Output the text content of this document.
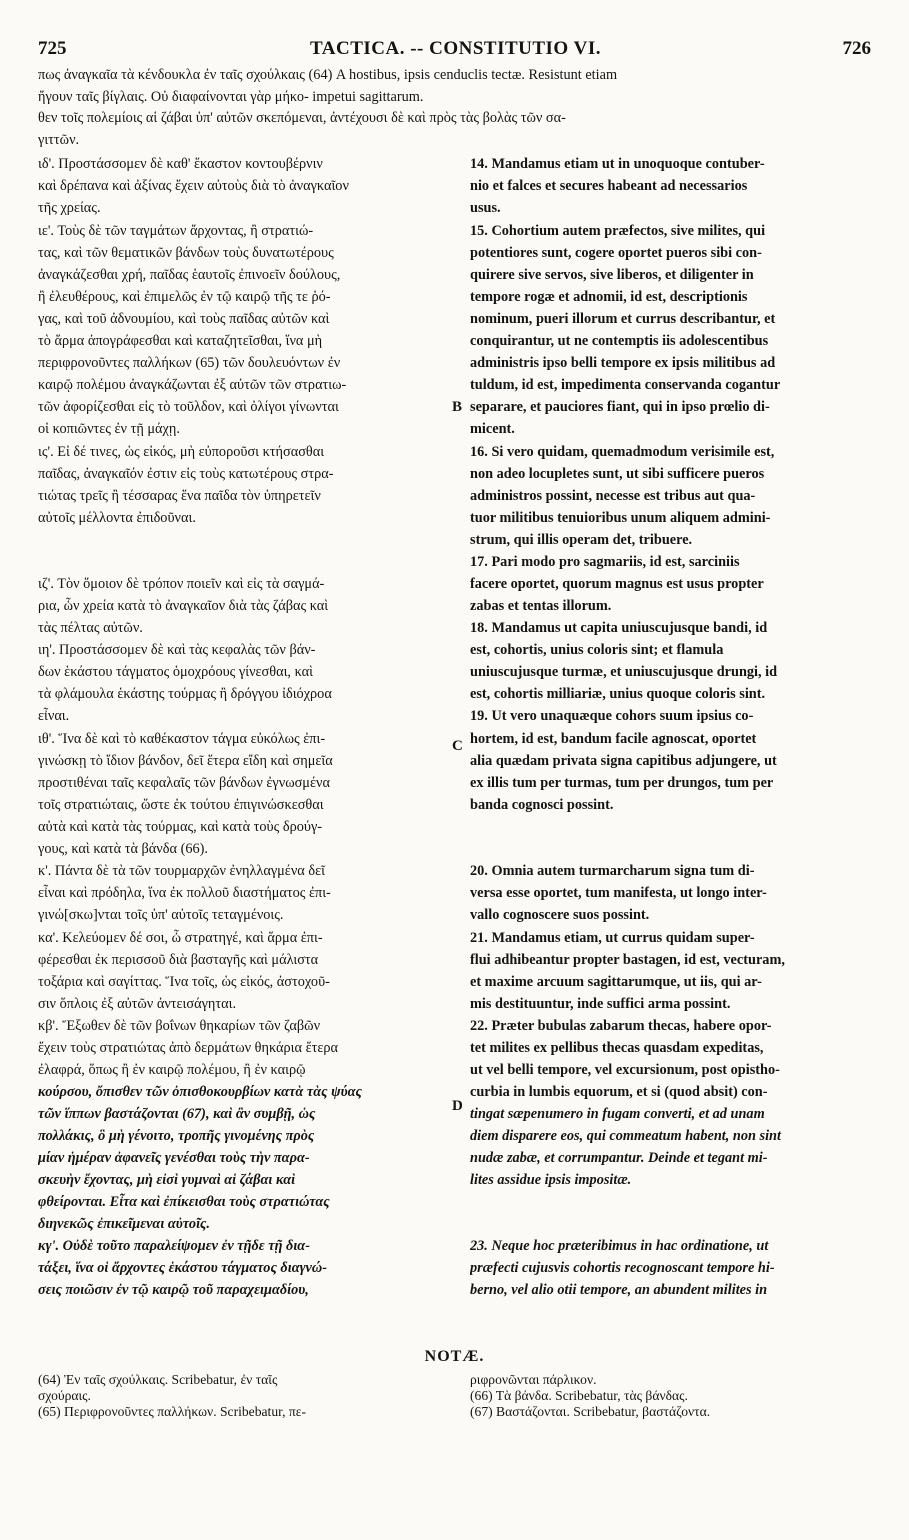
725	TACTICA. -- CONSTITUTIO VI.	726
πως ἀναγκαῖα τὰ κένδουκλα ἐν ταῖς σχούλκαις (64) A hostibus, ipsis cenduclis tectæ. Resistunt etiam
ἤγουν ταῖς βίγλαις. Οὐ διαφαίνονται γὰρ μήκο- impetui sagittarum.
θεν τοῖς πολεμίοις αἱ ζάβαι ὑπ' αὐτῶν σκεπόμεναι, ἀντέχουσι δὲ καὶ πρὸς τὰς βολὰς τῶν σα-
γιττῶν.
ιδ'. Προστάσσομεν δὲ καθ' ἕκαστον κοντουβέρνιν
καὶ δρέπανα καὶ ἀξίνας ἔχειν αὐτοὺς διὰ τὸ ἀναγκαῖον
τῆς χρείας.
ιε'. Τοὺς δὲ τῶν ταγμάτων ἄρχοντας, ἢ στρατιώ-
τας, καὶ τῶν θεματικῶν βάνδων τοὺς δυνατωτέρους
ἀναγκάζεσθαι χρή, παῖδας ἑαυτοῖς ἐπινοεῖν δούλους,
ἢ ἐλευθέρους, καὶ ἐπιμελῶς ἐν τῷ καιρῷ τῆς τε ῥό-
γας, καὶ τοῦ ἀδνουμίου, καὶ τοὺς παῖδας αὐτῶν καὶ
τὸ ἅρμα ἀπογράφεσθαι καὶ καταζητεῖσθαι, ἵνα μὴ
περιφρονοῦντες παλλήκων (65) τῶν δουλευόντων ἐν
καιρῷ πολέμου ἀναγκάζωνται ἐξ αὐτῶν τῶν στρατιω-
τῶν ἀφορίζεσθαι εἰς τὸ τοῦλδον, καὶ ὀλίγοι γίνωνται
οἱ κοπιῶντες ἐν τῇ μάχῃ.
ις'. Εἰ δέ τινες, ὡς εἰκός, μὴ εὐποροῦσι κτήσασθαι
παῖδας, ἀναγκαῖόν ἐστιν εἰς τοὺς κατωτέρους στρα-
τιώτας τρεῖς ἢ τέσσαρας ἕνα παῖδα τὸν ὑπηρετεῖν
αὐτοῖς μέλλοντα ἐπιδοῦναι.
ιζ'. Τὸν ὅμοιον δὲ τρόπον ποιεῖν καὶ εἰς τὰ σαγμά-
ρια, ὧν χρεία κατὰ τὸ ἀναγκαῖον διὰ τὰς ζάβας καὶ
τὰς πέλτας αὐτῶν.
ιη'. Προστάσσομεν δὲ καὶ τὰς κεφαλὰς τῶν βάν-
δων ἑκάστου τάγματος ὁμοχρόους γίνεσθαι, καὶ
τὰ φλάμουλα ἑκάστης τούρμας ἢ δρόγγου ἰδιόχροα
εἶναι.
ιθ'. Ἵνα δὲ καὶ τὸ καθέκαστον τάγμα εὐκόλως ἐπι-
γινώσκῃ τὸ ἴδιον βάνδον, δεῖ ἕτερα εἴδη καὶ σημεῖα
προστιθέναι ταῖς κεφαλαῖς τῶν βάνδων ἐγνωσμένα
τοῖς στρατιώταις, ὥστε ἐκ τούτου ἐπιγινώσκεσθαι
αὐτὰ καὶ κατὰ τὰς τούρμας, καὶ κατὰ τοὺς δρούγ-
γους, καὶ κατὰ τὰ βάνδα (66).
κ'. Πάντα δὲ τὰ τῶν τουρμαρχῶν ἐνηλλαγμένα δεῖ
εἶναι καὶ πρόδηλα, ἵνα ἐκ πολλοῦ διαστήματος ἐπι-
γινώ[σκω]νται τοῖς ὑπ' αὐτοῖς τεταγμένοις.
κα'. Κελεύομεν δέ σοι, ὦ στρατηγέ, καὶ ἅρμα ἐπι-
φέρεσθαι ἐκ περισσοῦ διὰ βασταγῆς καὶ μάλιστα
τοξάρια καὶ σαγίττας. Ἵνα τοῖς, ὡς εἰκός, ἀστοχοῦ-
σιν ὅπλοις ἐξ αὐτῶν ἀντεισάγηται.
κβ'. Ἔξωθεν δὲ τῶν βοΐνων θηκαρίων τῶν ζαβῶν
ἔχειν τοὺς στρατιώτας ἀπὸ δερμάτων θηκάρια ἕτερα
ἐλαφρά, ὅπως ἢ ἐν καιρῷ πολέμου, ἢ ἐν καιρῷ
κούρσου, ὄπισθεν τῶν ὀπισθοκουρβίων κατὰ τὰς ψύας
τῶν ἵππων βαστάζονται (67), καὶ ἂν συμβῇ, ὡς
πολλάκις, ὃ μὴ γένοιτο, τροπῆς γινομένης πρὸς
μίαν ἡμέραν ἀφανεῖς γενέσθαι τοὺς τὴν παρα-
σκευὴν ἔχοντας, μὴ εἰσὶ γυμναὶ αἱ ζάβαι καὶ
φθείρονται. Εἶτα καὶ ἐπίκεισθαι τοὺς στρατιώτας
διηνεκῶς ἐπικεῖμεναι αὐτοῖς.
κγ'. Οὐδὲ τοῦτο παραλείψομεν ἐν τῇδε τῇ δια-
τάξει, ἵνα οἱ ἄρχοντες ἑκάστου τάγματος διαγνώ-
σεις ποιῶσιν ἐν τῷ καιρῷ τοῦ παραχειμαδίου,
14. Mandamus etiam ut in unoquoque contuber-
nio et falces et secures habeant ad necessarios
usus.
15. Cohortium autem præfectos, sive milites, qui
potentiores sunt, cogere oportet pueros sibi con-
quirere sive servos, sive liberos, et diligenter in
tempore rogæ et adnomii, id est, descriptionis
nominum, pueri illorum et currus describantur, et
conquirantur, ut ne contemptis iis adolescentibus
administris ipso belli tempore ex ipsis militibus ad
tuldum, id est, impedimenta conservanda cogantur
separare, et pauciores fiant, qui in ipso prœlio di-
micent.
16. Si vero quidam, quemadmodum verisimile est,
non adeo locupletes sunt, ut sibi sufficere pueros
administros possint, necesse est tribus aut qua-
tuor militibus tenuioribus unum aliquem admini-
strum, qui illis operam det, tribuere.
17. Pari modo pro sagmariis, id est, sarciniis
facere oportet, quorum magnus est usus propter
zabas et tentas illorum.
18. Mandamus ut capita uniuscujusque bandi, id
est, cohortis, unius coloris sint; et flamula
uniuscujusque turmæ, et uniuscujusque drungi, id
est, cohortis milliariæ, unius quoque coloris sint.
19. Ut vero unaquæque cohors suum ipsius co-
hortem, id est, bandum facile agnoscat, oportet
alia quædam privata signa capitibus adjungere, ut
ex illis tum per turmas, tum per drungos, tum per
banda cognosci possint.
20. Omnia autem turmarcharum signa tum di-
versa esse oportet, tum manifesta, ut longo inter-
vallo cognoscere suos possint.
21. Mandamus etiam, ut currus quidam super-
flui adhibeantur propter bastagen, id est, vecturam,
et maxime arcuum sagittarumque, ut iis, qui ar-
mis destituuntur, inde suffici arma possint.
22. Præter bubulas zabarum thecas, habere opor-
tet milites ex pellibus thecas quasdam expeditas,
ut vel belli tempore, vel excursionum, post opistho-
curbia in lumbis equorum, et si (quod absit) con-
tingat sæpenumero in fugam converti, et ad unam
diem disparere eos, qui commeatum habent, non sint
nudæ zabæ, et corrumpantur. Deinde et tegant mi-
lites assidue ipsis impositæ.
23. Neque hoc præteribimus in hac ordinatione, ut
præfecti cujusvis cohortis recognoscant tempore hi-
berno, vel alio otii tempore, an abundent milites in
B
C
D
NOTÆ.
(64) Ἐν ταῖς σχούλκαις. Scribebatur, ἐν ταῖς
σχούραις.
(65) Περιφρονοῦντες παλλήκων. Scribebatur, πε-
ριφρονῶνται πάρλικον.
(66) Τὰ βάνδα. Scribebatur, τὰς βάνδας.
(67) Βαστάζονται. Scribebatur, βαστάζοντα.
